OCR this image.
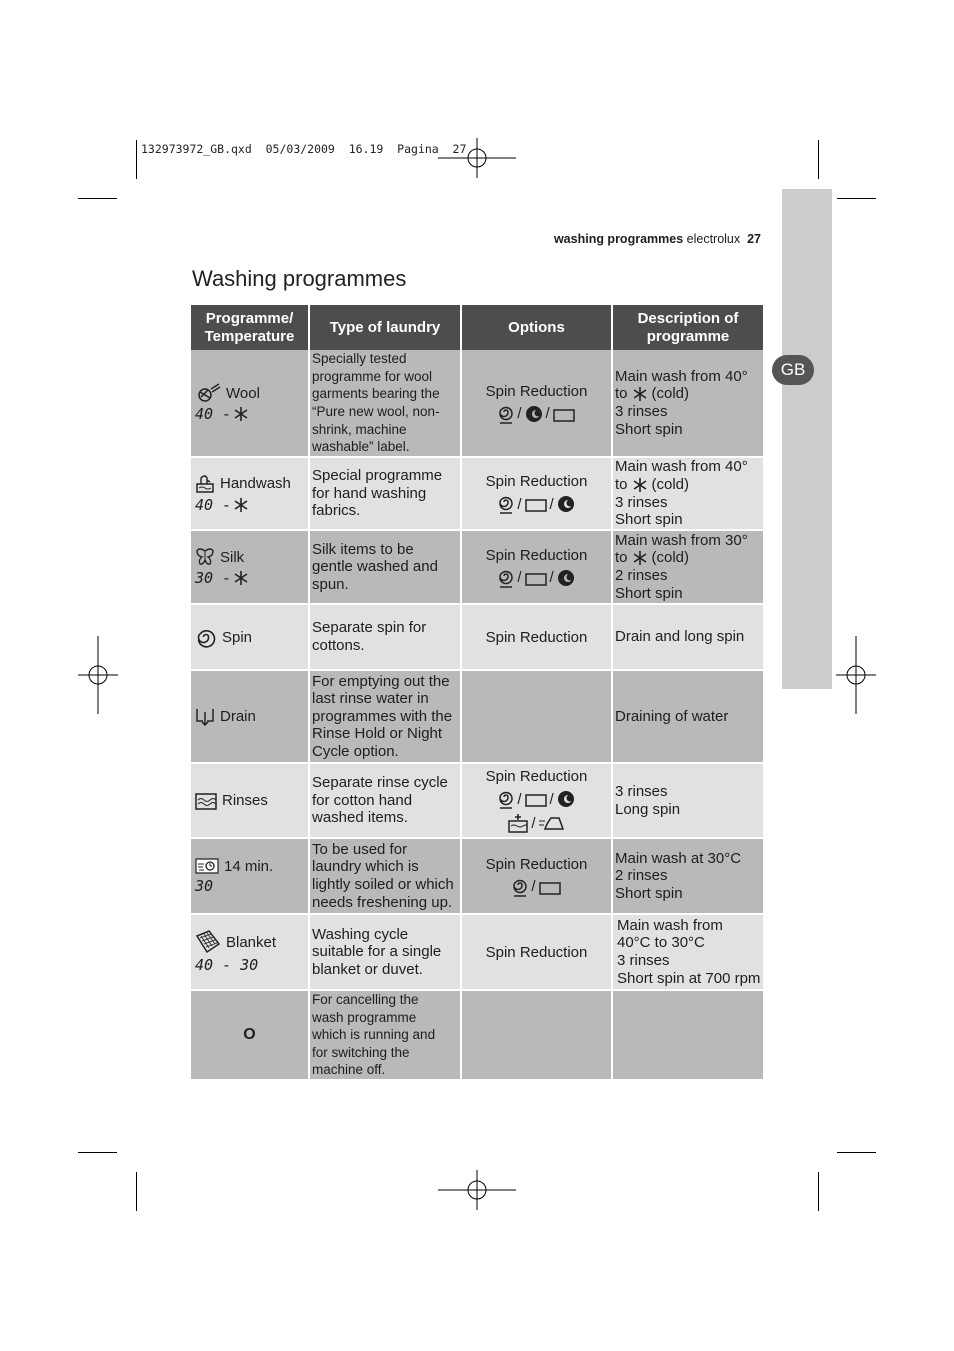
132973972_GB.qxd  05/03/2009  16.19  Pagina  27
washing programmes electrolux 27
GB
Washing programmes
Programme/ Temperature
Type of laundry	Options
Description of programme
Wool
40 -
Specially tested programme for wool garments bearing the “Pure new wool, non-shrink, machine washable” label.
Spin Reduction
/ /
Main wash from 40°
to (cold)
3 rinses
Short spin
Handwash
40 -
Special programme for hand washing fabrics.
Spin Reduction
/ /
Main wash from 40°
to (cold)
3 rinses
Short spin
Silk
30 -
Silk items to be gentle washed and spun.
Spin Reduction
/ /
Main wash from 30°
to (cold)
2 rinses
Short spin
Spin
Separate spin for cottons.	Spin Reduction Drain and long spin
Drain
For emptying out the last rinse water in programmes with the Rinse Hold or Night Cycle option.
Draining of water
Rinses
Separate rinse cycle for cotton hand washed items.
Spin Reduction
/ /
/
3 rinses
Long spin
14 min.
30
To be used for laundry which is lightly soiled or which needs freshening up.
Spin Reduction
/
Main wash at 30°C
2 rinses
Short spin
Blanket
40 - 30
Washing cycle suitable for a single blanket or duvet.
Spin Reduction
Main wash from
40°C to 30°C
3 rinses
Short spin at 700 rpm
O
For cancelling the wash programme which is running and for switching the machine off.
